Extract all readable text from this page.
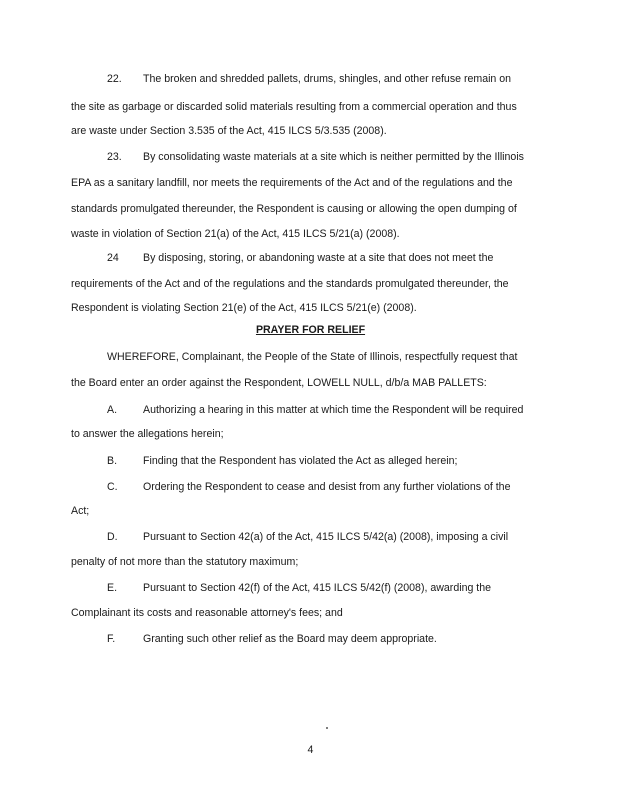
22. The broken and shredded pallets, drums, shingles, and other refuse remain on
the site as garbage or discarded solid materials resulting from a commercial operation and thus
are waste under Section 3.535 of the Act, 415 ILCS 5/3.535 (2008).
23. By consolidating waste materials at a site which is neither permitted by the Illinois
EPA as a sanitary landfill, nor meets the requirements of the Act and of the regulations and the
standards promulgated thereunder, the Respondent is causing or allowing the open dumping of
waste in violation of Section 21(a) of the Act, 415 ILCS 5/21(a) (2008).
24 By disposing, storing, or abandoning waste at a site that does not meet the
requirements of the Act and of the regulations and the standards promulgated thereunder, the
Respondent is violating Section 21(e) of the Act, 415 ILCS 5/21(e) (2008).
PRAYER FOR RELIEF
WHEREFORE, Complainant, the People of the State of Illinois, respectfully request that
the Board enter an order against the Respondent, LOWELL NULL, d/b/a MAB PALLETS:
A. Authorizing a hearing in this matter at which time the Respondent will be required
to answer the allegations herein;
B. Finding that the Respondent has violated the Act as alleged herein;
C. Ordering the Respondent to cease and desist from any further violations of the
Act;
D. Pursuant to Section 42(a) of the Act, 415 ILCS 5/42(a) (2008), imposing a civil
penalty of not more than the statutory maximum;
E. Pursuant to Section 42(f) of the Act, 415 ILCS 5/42(f) (2008), awarding the
Complainant its costs and reasonable attorney's fees; and
F.	Granting such other relief as the Board may deem appropriate.
4
